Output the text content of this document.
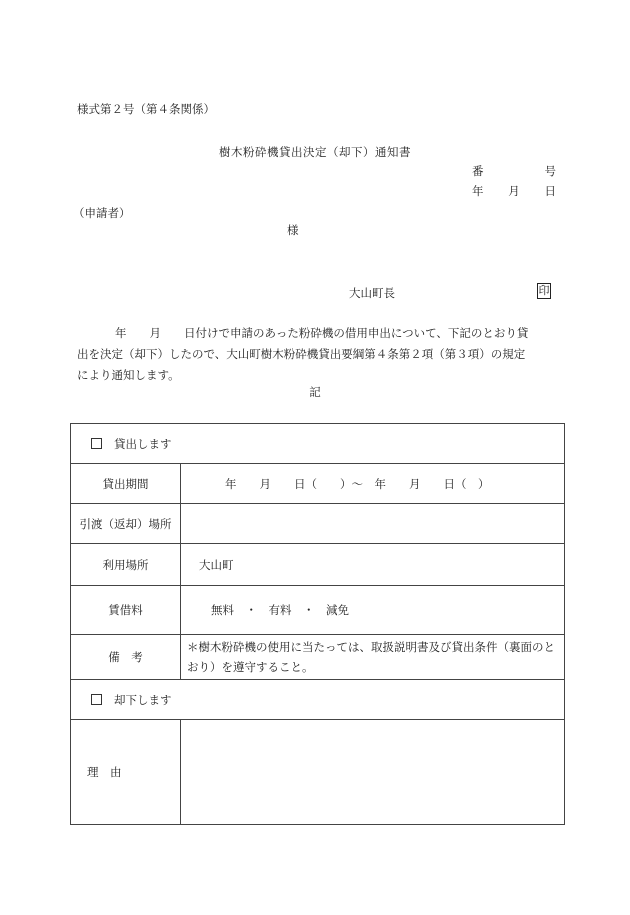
様式第２号（第４条関係）
樹木粉砕機貸出決定（却下）通知書
番	号
年 月 日
（申請者）
様
大山町長	印
年　　月　　日付けで申請のあった粉砕機の借用申出について、下記のとおり貸
出を決定（却下）したので、大山町樹木粉砕機貸出要綱第４条第２項（第３項）の規定
により通知します。
記
貸出します	
貸出期間	年　　月　　日（　　）～　年　　月　　日（　）
引渡（返却）場所	
利用場所	大山町
賃借料	無料　・　有料　・　減免
備　考	＊樹木粉砕機の使用に当たっては、取扱説明書及び貸出条件（裏面のとおり）を遵守すること。
却下します	
理　由	
